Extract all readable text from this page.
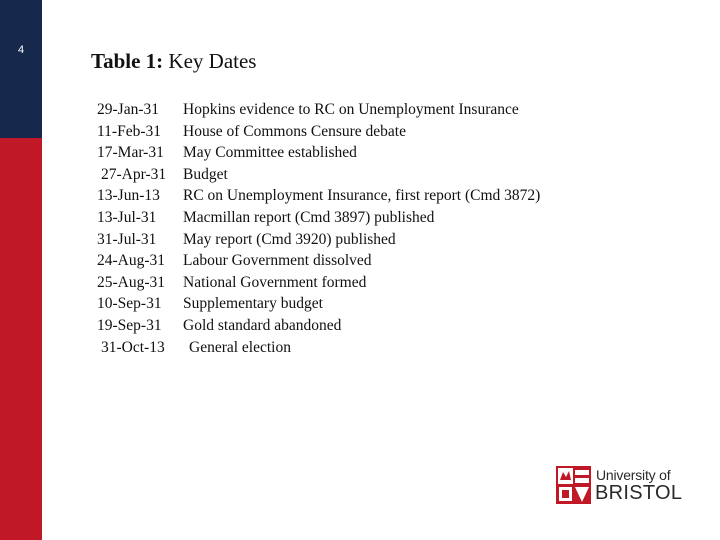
4	Table 1: Key Dates
29-Jan-31	Hopkins evidence to RC on Unemployment Insurance
11-Feb-31	House of Commons Censure debate
17-Mar-31	May Committee established
27-Apr-31	Budget
13-Jun-13	RC on Unemployment Insurance, first report (Cmd 3872)
13-Jul-31	Macmillan report (Cmd 3897) published
31-Jul-31	May report (Cmd 3920) published
24-Aug-31	Labour Government dissolved
25-Aug-31	National Government formed
10-Sep-31	Supplementary budget
19-Sep-31	Gold standard abandoned
31-Oct-13	General election
University of
BRISTOL
